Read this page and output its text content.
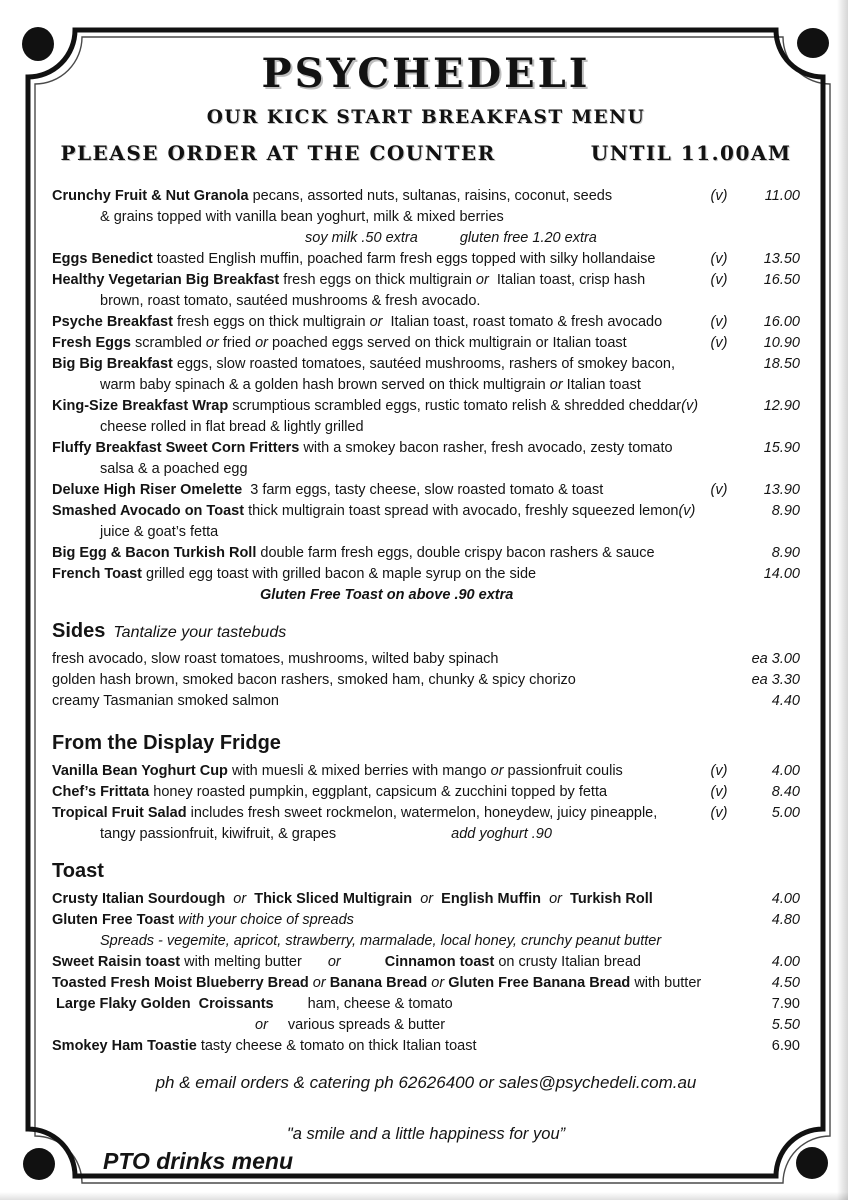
PSYCHEDELI
OUR KICK START BREAKFAST MENU
PLEASE ORDER AT THE COUNTER	UNTIL 11.00AM
Crunchy Fruit & Nut Granola pecans, assorted nuts, sultanas, raisins, coconut, seeds	(v)	11.00
& grains topped with vanilla bean yoghurt, milk & mixed berries
soy milk .50 extra	gluten free 1.20 extra
Eggs Benedict toasted English muffin, poached farm fresh eggs topped with silky hollandaise	(v)	13.50
Healthy Vegetarian Big Breakfast fresh eggs on thick multigrain or  Italian toast, crisp hash	(v)	16.50
brown, roast tomato, sautéed mushrooms & fresh avocado.
Psyche Breakfast fresh eggs on thick multigrain or  Italian toast, roast tomato & fresh avocado	(v)	16.00
Fresh Eggs scrambled or fried or poached eggs served on thick multigrain or Italian toast	(v)	10.90
Big Big Breakfast eggs, slow roasted tomatoes, sautéed mushrooms, rashers of smokey bacon,	18.50
warm baby spinach & a golden hash brown served on thick multigrain or Italian toast
King-Size Breakfast Wrap scrumptious scrambled eggs, rustic tomato relish & shredded cheddar(v)	12.90
cheese rolled in flat bread & lightly grilled
Fluffy Breakfast Sweet Corn Fritters with a smokey bacon rasher, fresh avocado, zesty tomato	15.90
salsa & a poached egg
Deluxe High Riser Omelette  3 farm eggs, tasty cheese, slow roasted tomato & toast	(v)	13.90
Smashed Avocado on Toast thick multigrain toast spread with avocado, freshly squeezed lemon(v)	8.90
juice & goat’s fetta
Big Egg & Bacon Turkish Roll double farm fresh eggs, double crispy bacon rashers & sauce	8.90
French Toast grilled egg toast with grilled bacon & maple syrup on the side	14.00
Gluten Free Toast on above .90 extra
Sides Tantalize your tastebuds
fresh avocado, slow roast tomatoes, mushrooms, wilted baby spinach	ea 3.00
golden hash brown, smoked bacon rashers, smoked ham, chunky & spicy chorizo	ea 3.30
creamy Tasmanian smoked salmon	4.40
From the Display Fridge
Vanilla Bean Yoghurt Cup with muesli & mixed berries with mango or passionfruit coulis	(v)	4.00
Chef’s Frittata honey roasted pumpkin, eggplant, capsicum & zucchini topped by fetta	(v)	8.40
Tropical Fruit Salad includes fresh sweet rockmelon, watermelon, honeydew, juicy pineapple,	(v)	5.00
tangy passionfruit, kiwifruit, & grapes	add yoghurt .90
Toast
Crusty Italian Sourdough  or  Thick Sliced Multigrain  or  English Muffin  or  Turkish Roll	4.00
Gluten Free Toast with your choice of spreads	4.80
Spreads - vegemite, apricot, strawberry, marmalade, local honey, crunchy peanut butter
Sweet Raisin toast with melting butter or	Cinnamon toast on crusty Italian bread	4.00
Toasted Fresh Moist Blueberry Bread or Banana Bread or Gluten Free Banana Bread with butter	4.50
Large Flaky Golden  Croissants ham, cheese & tomato	7.90
or various spreads & butter	5.50
Smokey Ham Toastie tasty cheese & tomato on thick Italian toast	6.90
ph & email orders & catering ph 62626400 or sales@psychedeli.com.au
"a smile and a little happiness for you”
PTO drinks menu
